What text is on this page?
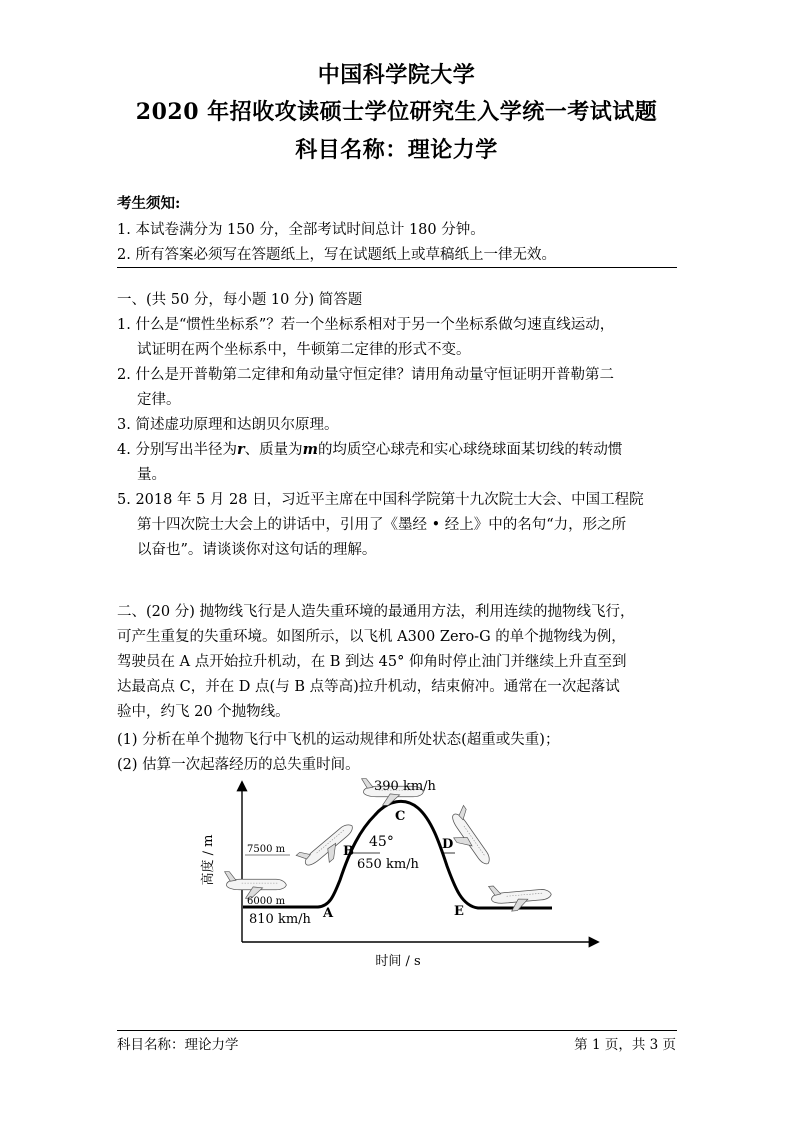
中国科学院大学
2020 年招收攻读硕士学位研究生入学统一考试试题
科目名称：理论力学
考生须知:
1. 本试卷满分为 150 分，全部考试时间总计 180 分钟。
2. 所有答案必须写在答题纸上，写在试题纸上或草稿纸上一律无效。
一、(共 50 分，每小题 10 分) 简答题
1. 什么是“惯性坐标系”？若一个坐标系相对于另一个坐标系做匀速直线运动，
试证明在两个坐标系中，牛顿第二定律的形式不变。
2. 什么是开普勒第二定律和角动量守恒定律？请用角动量守恒证明开普勒第二
定律。
3. 简述虚功原理和达朗贝尔原理。
4. 分别写出半径为r、质量为m的均质空心球壳和实心球绕球面某切线的转动惯
量。
5. 2018 年 5 月 28 日，习近平主席在中国科学院第十九次院士大会、中国工程院
第十四次院士大会上的讲话中，引用了《墨经 • 经上》中的名句“力，形之所
以奋也”。请谈谈你对这句话的理解。
二、(20 分) 抛物线飞行是人造失重环境的最通用方法，利用连续的抛物线飞行，
可产生重复的失重环境。如图所示，以飞机 A300 Zero-G 的单个抛物线为例，
驾驶员在 A 点开始拉升机动，在 B 到达 45° 仰角时停止油门并继续上升直至到
达最高点 C，并在 D 点(与 B 点等高)拉升机动，结束俯冲。通常在一次起落试
验中，约飞 20 个抛物线。
(1) 分析在单个抛物飞行中飞机的运动规律和所处状态(超重或失重)；
(2) 估算一次起落经历的总失重时间。
高度 / m
时间 / s
7500 m
6000 m
390 km/h
650 km/h
810 km/h
45°
A
B
C
D
E
科目名称：理论力学	第 1 页，共 3 页
